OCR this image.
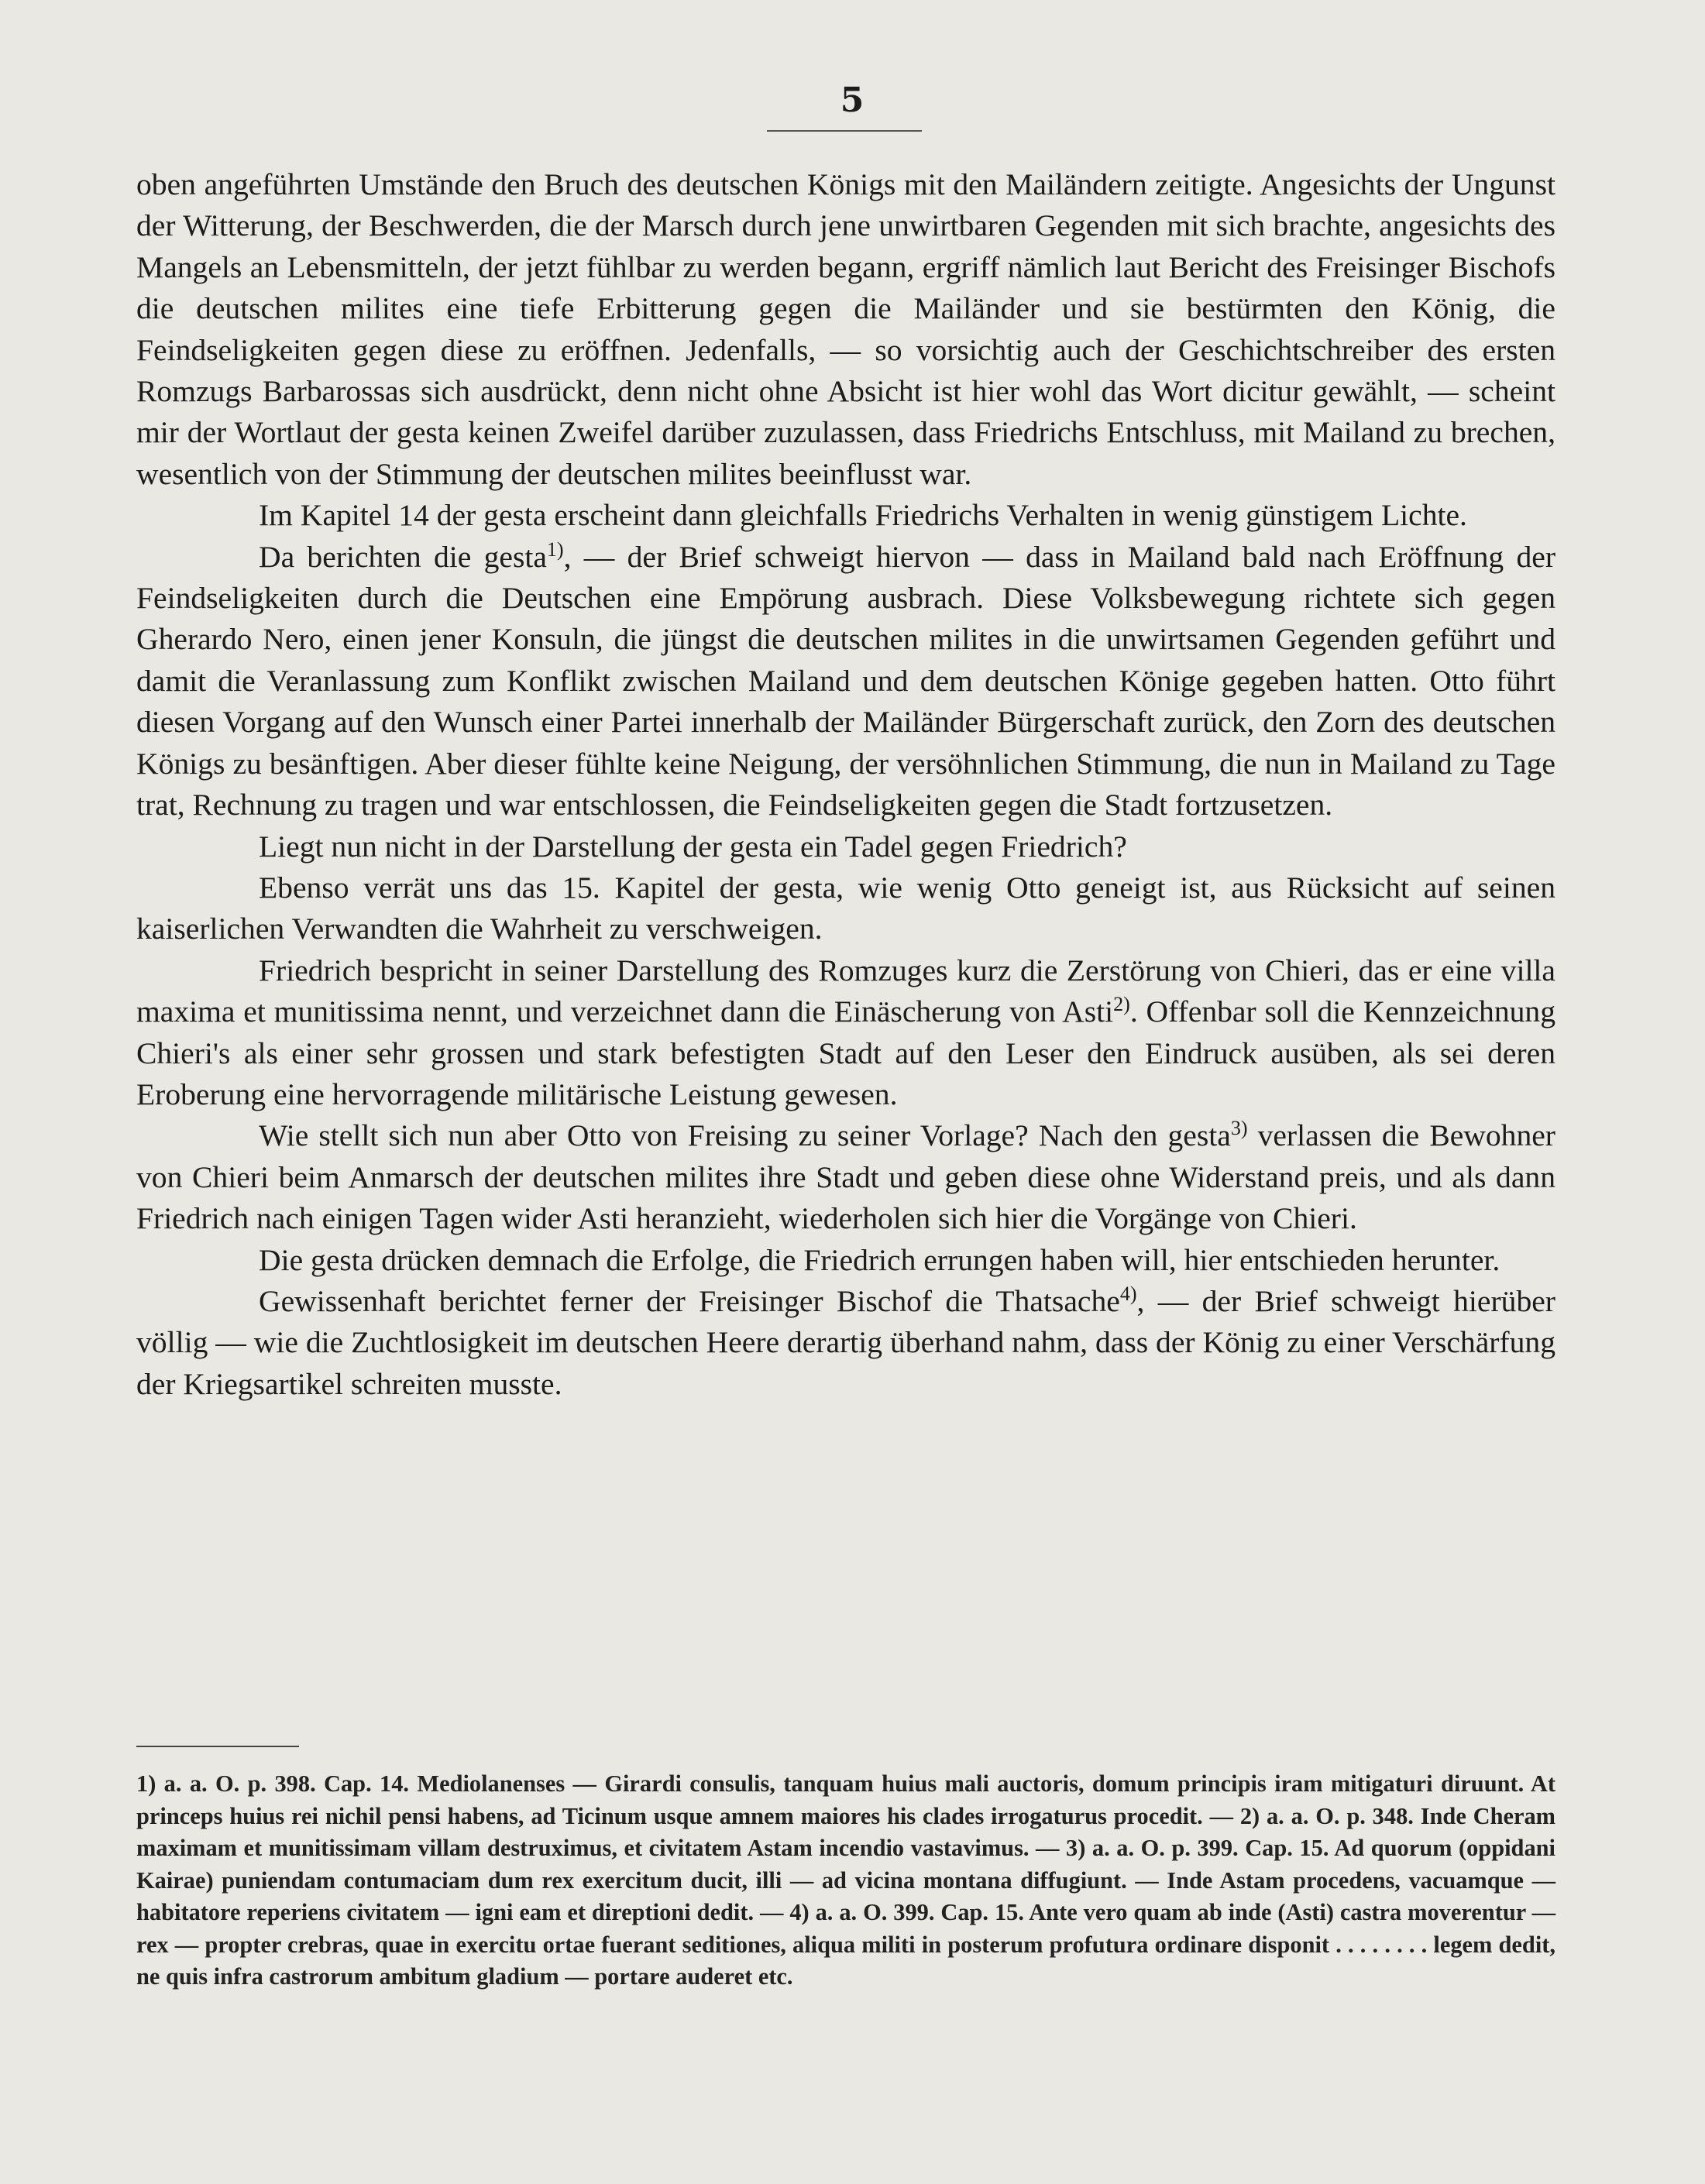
5

oben angeführten Umstände den Bruch des deutschen Königs mit den Mailändern zeitigte. Angesichts der Ungunst der Witterung, der Beschwerden, die der Marsch durch jene unwirtbaren Gegenden mit sich brachte, angesichts des Mangels an Lebensmitteln, der jetzt fühlbar zu werden begann, ergriff nämlich laut Bericht des Freisinger Bischofs die deutschen milites eine tiefe Erbitterung gegen die Mailänder und sie bestürmten den König, die Feindseligkeiten gegen diese zu eröffnen. Jedenfalls, — so vorsichtig auch der Geschichtschreiber des ersten Romzugs Barbarossas sich ausdrückt, denn nicht ohne Absicht ist hier wohl das Wort dicitur gewählt, — scheint mir der Wortlaut der gesta keinen Zweifel darüber zuzulassen, dass Friedrichs Entschluss, mit Mailand zu brechen, wesentlich von der Stimmung der deutschen milites beeinflusst war.

Im Kapitel 14 der gesta erscheint dann gleichfalls Friedrichs Verhalten in wenig günstigem Lichte.

Da berichten die gesta$^{1)}$, — der Brief schweigt hiervon — dass in Mailand bald nach Eröffnung der Feindseligkeiten durch die Deutschen eine Empörung ausbrach. Diese Volksbewegung richtete sich gegen Gherardo Nero, einen jener Konsuln, die jüngst die deutschen milites in die unwirtsamen Gegenden geführt und damit die Veranlassung zum Konflikt zwischen Mailand und dem deutschen Könige gegeben hatten. Otto führt diesen Vorgang auf den Wunsch einer Partei innerhalb der Mailänder Bürgerschaft zurück, den Zorn des deutschen Königs zu besänftigen. Aber dieser fühlte keine Neigung, der versöhnlichen Stimmung, die nun in Mailand zu Tage trat, Rechnung zu tragen und war entschlossen, die Feindseligkeiten gegen die Stadt fortzusetzen.

Liegt nun nicht in der Darstellung der gesta ein Tadel gegen Friedrich?

Ebenso verrät uns das 15. Kapitel der gesta, wie wenig Otto geneigt ist, aus Rücksicht auf seinen kaiserlichen Verwandten die Wahrheit zu verschweigen.

Friedrich bespricht in seiner Darstellung des Romzuges kurz die Zerstörung von Chieri, das er eine villa maxima et munitissima nennt, und verzeichnet dann die Einäscherung von Asti$^{2)}$. Offenbar soll die Kennzeichnung Chieri's als einer sehr grossen und stark befestigten Stadt auf den Leser den Eindruck ausüben, als sei deren Eroberung eine hervorragende militärische Leistung gewesen.

Wie stellt sich nun aber Otto von Freising zu seiner Vorlage? Nach den gesta$^{3)}$ verlassen die Bewohner von Chieri beim Anmarsch der deutschen milites ihre Stadt und geben diese ohne Widerstand preis, und als dann Friedrich nach einigen Tagen wider Asti heranzieht, wiederholen sich hier die Vorgänge von Chieri.

Die gesta drücken demnach die Erfolge, die Friedrich errungen haben will, hier entschieden herunter.

Gewissenhaft berichtet ferner der Freisinger Bischof die Thatsache$^{4)}$, — der Brief schweigt hierüber völlig — wie die Zuchtlosigkeit im deutschen Heere derartig überhand nahm, dass der König zu einer Verschärfung der Kriegsartikel schreiten musste.

1) a. a. O. p. 398. Cap. 14. Mediolanenses — Girardi consulis, tanquam huius mali auctoris, domum principis iram mitigaturi diruunt. At princeps huius rei nichil pensi habens, ad Ticinum usque amnem maiores his clades irrogaturus procedit. — 2) a. a. O. p. 348. Inde Cheram maximam et munitissimam villam destruximus, et civitatem Astam incendio vastavimus. — 3) a. a. O. p. 399. Cap. 15. Ad quorum (oppidani Kairae) puniendam contumaciam dum rex exercitum ducit, illi — ad vicina montana diffugiunt. — Inde Astam procedens, vacuamque — habitatore reperiens civitatem — igni eam et direptioni dedit. — 4) a. a. O. 399. Cap. 15. Ante vero quam ab inde (Asti) castra moverentur — rex — propter crebras, quae in exercitu ortae fuerant seditiones, aliqua militi in posterum profutura ordinare disponit . . . . . . . . legem dedit, ne quis infra castrorum ambitum gladium — portare auderet etc.
